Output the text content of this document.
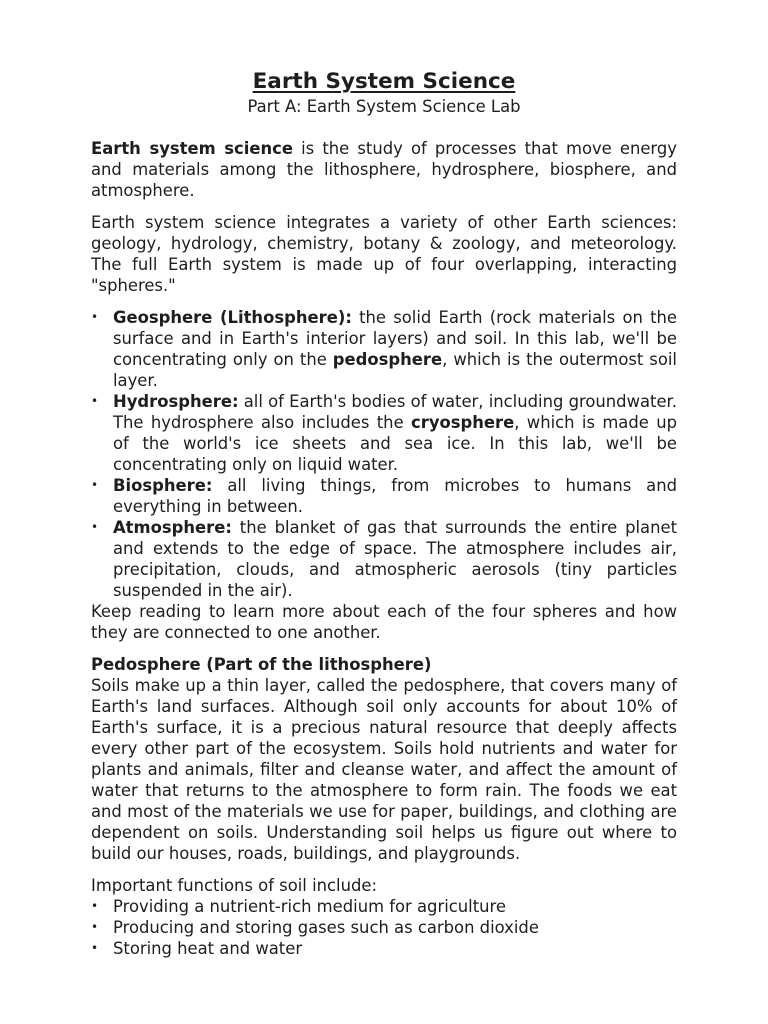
Earth System Science
Part A: Earth System Science Lab

Earth system science is the study of processes that move energy and materials among the lithosphere, hydrosphere, biosphere, and atmosphere.

Earth system science integrates a variety of other Earth sciences: geology, hydrology, chemistry, botany & zoology, and meteorology. The full Earth system is made up of four overlapping, interacting "spheres."

• Geosphere (Lithosphere): the solid Earth (rock materials on the surface and in Earth's interior layers) and soil. In this lab, we'll be concentrating only on the pedosphere, which is the outermost soil layer.
• Hydrosphere: all of Earth's bodies of water, including groundwater. The hydrosphere also includes the cryosphere, which is made up of the world's ice sheets and sea ice. In this lab, we'll be concentrating only on liquid water.
• Biosphere: all living things, from microbes to humans and everything in between.
• Atmosphere: the blanket of gas that surrounds the entire planet and extends to the edge of space. The atmosphere includes air, precipitation, clouds, and atmospheric aerosols (tiny particles suspended in the air).

Keep reading to learn more about each of the four spheres and how they are connected to one another.

Pedosphere (Part of the lithosphere)

Soils make up a thin layer, called the pedosphere, that covers many of Earth's land surfaces. Although soil only accounts for about 10% of Earth's surface, it is a precious natural resource that deeply affects every other part of the ecosystem. Soils hold nutrients and water for plants and animals, filter and cleanse water, and affect the amount of water that returns to the atmosphere to form rain. The foods we eat and most of the materials we use for paper, buildings, and clothing are dependent on soils. Understanding soil helps us figure out where to build our houses, roads, buildings, and playgrounds.

Important functions of soil include:

• Providing a nutrient-rich medium for agriculture
• Producing and storing gases such as carbon dioxide
• Storing heat and water
